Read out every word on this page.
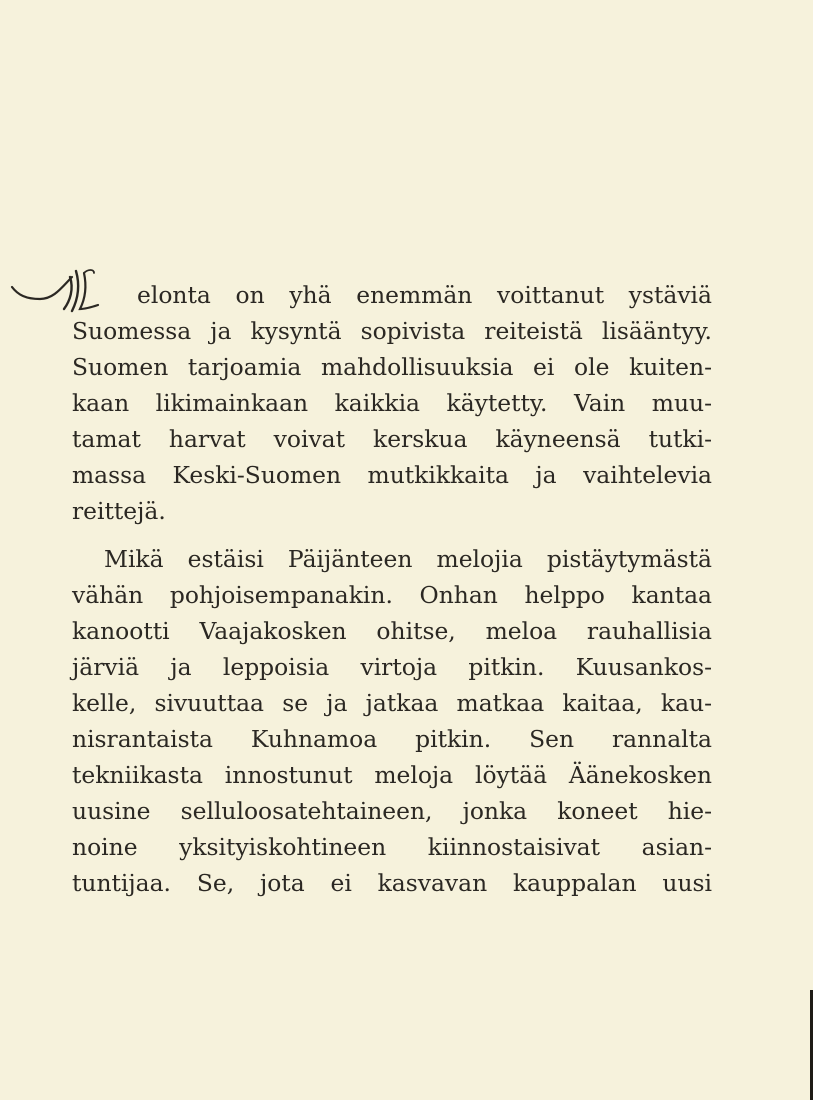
M elonta on yhä enemmän voittanut ystäviä
Suomessa ja kysyntä sopivista reiteistä lisääntyy.
Suomen tarjoamia mahdollisuuksia ei ole kuiten-
kaan likimainkaan kaikkia käytetty. Vain muu-
tamat harvat voivat kerskua käyneensä tutki-
massa Keski-Suomen mutkikkaita ja vaihtelevia
reittejä.
Mikä estäisi Päijänteen melojia pistäytymästä
vähän pohjoisempanakin. Onhan helppo kantaa
kanootti Vaajakosken ohitse, meloa rauhallisia
järviä ja leppoisia virtoja pitkin. Kuusankos-
kelle, sivuuttaa se ja jatkaa matkaa kaitaa, kau-
nisrantaista Kuhnamoa pitkin. Sen rannalta
tekniikasta innostunut meloja löytää Äänekosken
uusine selluloosatehtaineen, jonka koneet hie-
noine yksityiskohtineen kiinnostaisivat asian-
tuntijaa. Se, jota ei kasvavan kauppalan uusi
